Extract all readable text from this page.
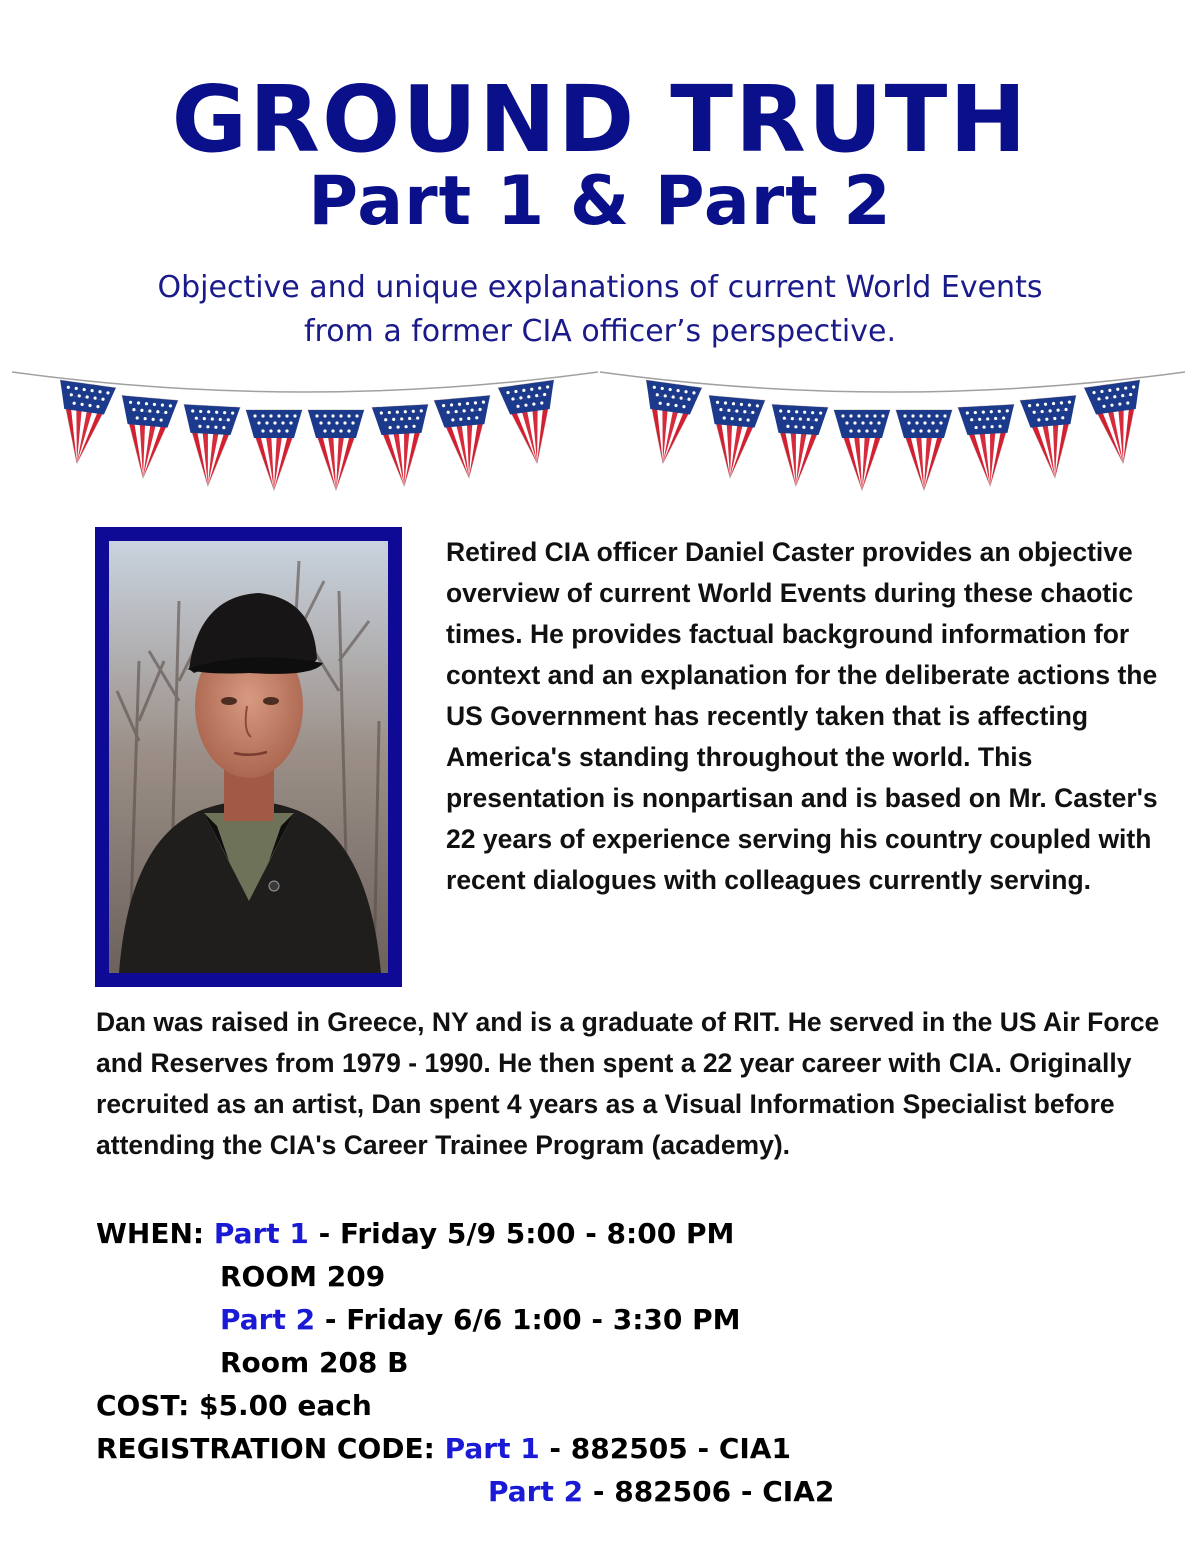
GROUND TRUTH
Part 1 & Part 2
Objective and unique explanations of current World Events
from a former CIA officer’s perspective.
Retired CIA officer Daniel Caster provides an objective overview of current World Events during these chaotic times. He provides factual background information for context and an explanation for the deliberate actions the US Government has recently taken that is affecting America's standing throughout the world. This presentation is nonpartisan and is based on Mr. Caster's 22 years of experience serving his country coupled with recent dialogues with colleagues currently serving.
Dan was raised in Greece, NY and is a graduate of RIT. He served in the US Air Force and Reserves from 1979 - 1990. He then spent a 22 year career with CIA. Originally recruited as an artist, Dan spent 4 years as a Visual Information Specialist before attending the CIA's Career Trainee Program (academy).
WHEN: Part 1 - Friday 5/9 5:00 - 8:00 PM
ROOM 209
Part 2 - Friday 6/6 1:00 - 3:30 PM
Room 208 B
COST: $5.00 each
REGISTRATION CODE: Part 1 - 882505 - CIA1
Part 2 - 882506 - CIA2
